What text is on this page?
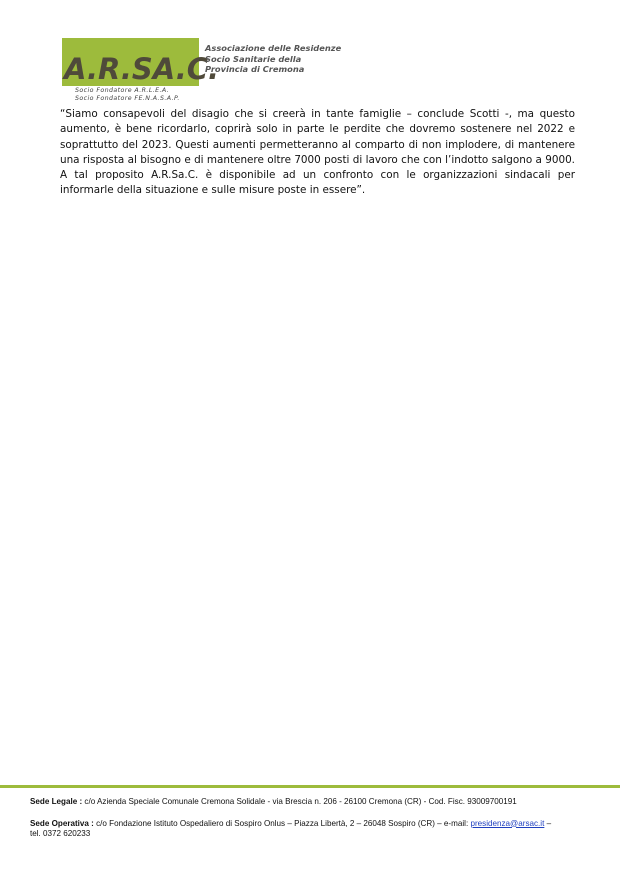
A.R.SA.C.
Associazione delle Residenze
Socio Sanitarie della
Provincia di Cremona
Socio Fondatore A.R.L.E.A.
Socio Fondatore FE.N.A.S.A.P.

“Siamo consapevoli del disagio che si creerà in tante famiglie – conclude Scotti -, ma questo aumento, è bene ricordarlo, coprirà solo in parte le perdite che dovremo sostenere nel 2022 e soprattutto del 2023. Questi aumenti permetteranno al comparto di non implodere, di mantenere una risposta al bisogno e di mantenere oltre 7000 posti di lavoro che con l’indotto salgono a 9000. A tal proposito A.R.Sa.C. è disponibile ad un confronto con le organizzazioni sindacali per informarle della situazione e sulle misure poste in essere”.

Sede Legale : c/o Azienda Speciale Comunale Cremona Solidale - via Brescia n. 206 - 26100 Cremona (CR) - Cod. Fisc. 93009700191

Sede Operativa : c/o Fondazione Istituto Ospedaliero di Sospiro Onlus – Piazza Libertà, 2 – 26048 Sospiro (CR) – e-mail: presidenza@arsac.it –
tel. 0372 620233
